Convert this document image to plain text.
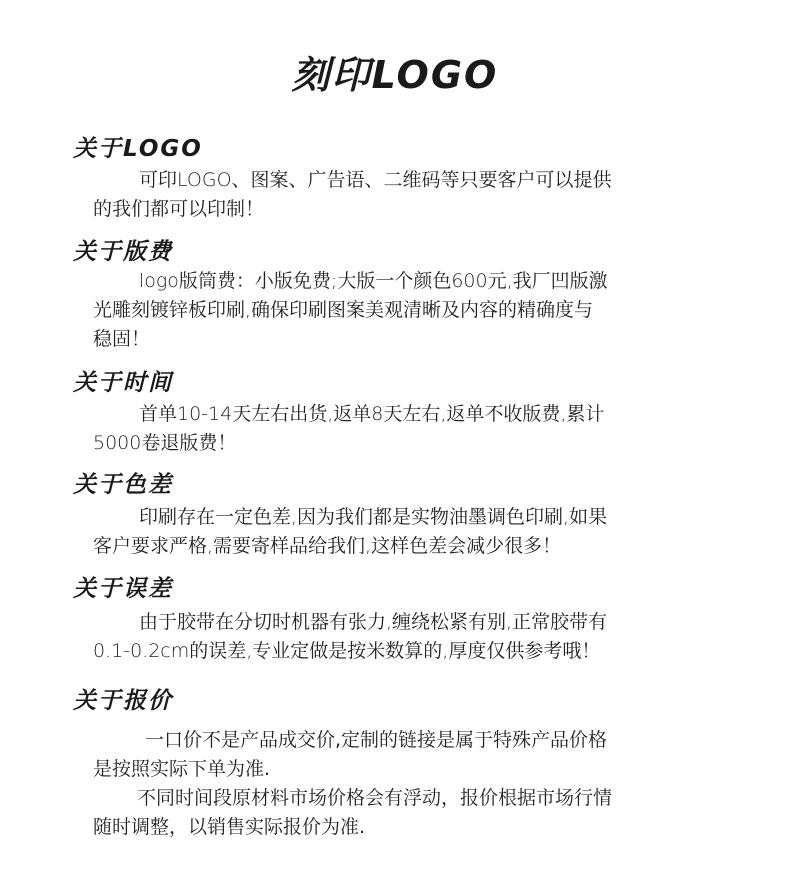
刻印LOGO
关于LOGO
可印LOGO、图案、广告语、二维码等只要客户可以提供
的我们都可以印制！
关于版费
logo版筒费：小版免费;大版一个颜色600元,我厂凹版激
光雕刻镀锌板印刷,确保印刷图案美观清晰及内容的精确度与
稳固！
关于时间
首单10-14天左右出货,返单8天左右,返单不收版费,累计
5000卷退版费！
关于色差
印刷存在一定色差,因为我们都是实物油墨调色印刷,如果
客户要求严格,需要寄样品给我们,这样色差会减少很多！
关于误差
由于胶带在分切时机器有张力,缠绕松紧有别,正常胶带有
0.1-0.2cm的误差,专业定做是按米数算的,厚度仅供参考哦！
关于报价
一口价不是产品成交价,定制的链接是属于特殊产品价格
是按照实际下单为准.
不同时间段原材料市场价格会有浮动，报价根据市场行情
随时调整，以销售实际报价为准.
